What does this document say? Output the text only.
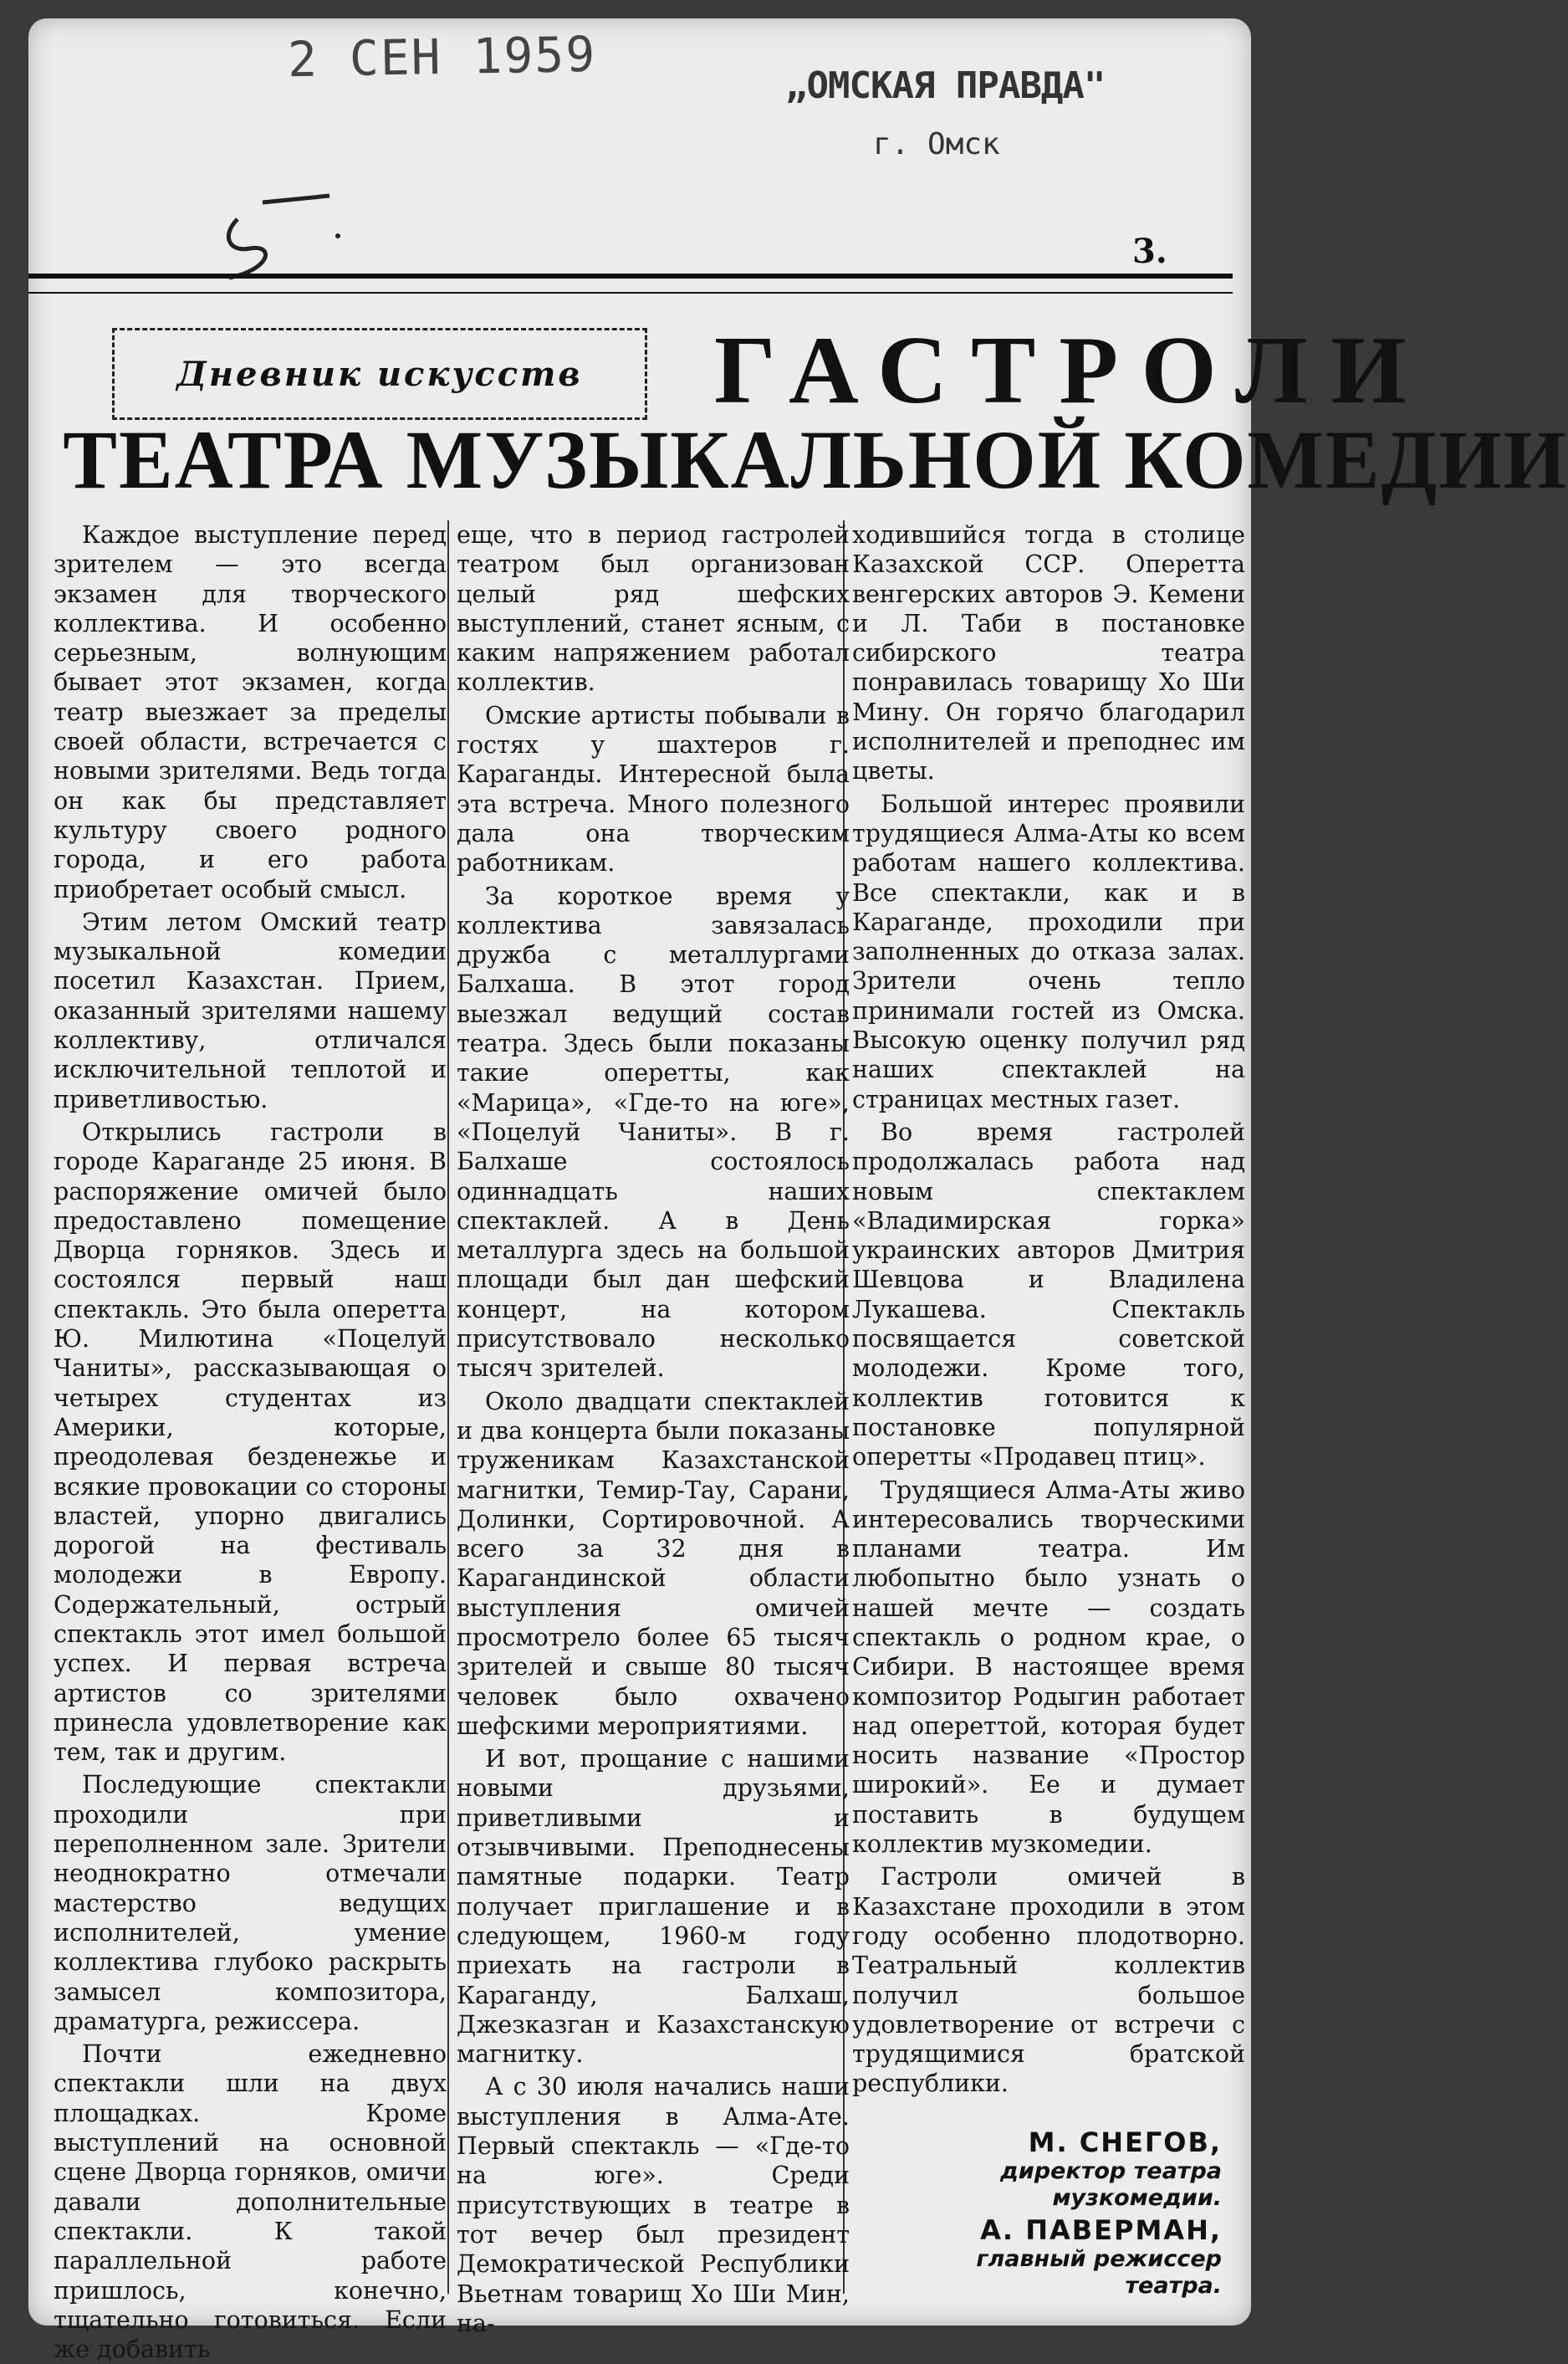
2 СЕН 1959	„ОМСКАЯ ПРАВДА"
г. Омск
3.
Дневник искусств ГАСТРОЛИ
ТЕАТРА МУЗЫКАЛЬНОЙ КОМЕДИИ

Каждое выступление перед зрителем — это всегда экзамен для творческого коллектива. И особенно серьезным, волнующим бывает этот экзамен, когда театр выезжает за пределы своей области, встречается с новыми зрителями. Ведь тогда он как бы представляет культуру своего родного города, и его работа приобретает особый смысл.

Этим летом Омский театр музыкальной комедии посетил Казахстан. Прием, оказанный зрителями нашему коллективу, отличался исключительной теплотой и приветливостью.

Открылись гастроли в городе Караганде 25 июня. В распоряжение омичей было предоставлено помещение Дворца горняков. Здесь и состоялся первый наш спектакль. Это была оперетта Ю. Милютина «Поцелуй Чаниты», рассказывающая о четырех студентах из Америки, которые, преодолевая безденежье и всякие провокации со стороны властей, упорно двигались дорогой на фестиваль молодежи в Европу. Содержательный, острый спектакль этот имел большой успех. И первая встреча артистов со зрителями принесла удовлетворение как тем, так и другим.

Последующие спектакли проходили при переполненном зале. Зрители неоднократно отмечали мастерство ведущих исполнителей, умение коллектива глубоко раскрыть замысел композитора, драматурга, режиссера.

Почти ежедневно спектакли шли на двух площадках. Кроме выступлений на основной сцене Дворца горняков, омичи давали дополнительные спектакли. К такой параллельной работе пришлось, конечно, тщательно готовиться. Если же добавить

еще, что в период гастролей театром был организован целый ряд шефских выступлений, станет ясным, с каким напряжением работал коллектив.

Омские артисты побывали в гостях у шахтеров г. Караганды. Интересной была эта встреча. Много полезного дала она творческим работникам.

За короткое время у коллектива завязалась дружба с металлургами Балхаша. В этот город выезжал ведущий состав театра. Здесь были показаны такие оперетты, как «Марица», «Где-то на юге», «Поцелуй Чаниты». В г. Балхаше состоялось одиннадцать наших спектаклей. А в День металлурга здесь на большой площади был дан шефский концерт, на котором присутствовало несколько тысяч зрителей.

Около двадцати спектаклей и два концерта были показаны труженикам Казахстанской магнитки, Темир-Тау, Сарани, Долинки, Сортировочной. А всего за 32 дня в Карагандинской области выступления омичей просмотрело более 65 тысяч зрителей и свыше 80 тысяч человек было охвачено шефскими мероприятиями.

И вот, прощание с нашими новыми друзьями, приветливыми и отзывчивыми. Преподнесены памятные подарки. Театр получает приглашение и в следующем, 1960-м году приехать на гастроли в Караганду, Балхаш, Джезказган и Казахстанскую магнитку.

А с 30 июля начались наши выступления в Алма-Ате. Первый спектакль — «Где-то на юге». Среди присутствующих в театре в тот вечер был президент Демократической Республики Вьетнам товарищ Хо Ши Мин, на-

ходившийся тогда в столице Казахской ССР. Оперетта венгерских авторов Э. Кемени и Л. Таби в постановке сибирского театра понравилась товарищу Хо Ши Мину. Он горячо благодарил исполнителей и преподнес им цветы.

Большой интерес проявили трудящиеся Алма-Аты ко всем работам нашего коллектива. Все спектакли, как и в Караганде, проходили при заполненных до отказа залах. Зрители очень тепло принимали гостей из Омска. Высокую оценку получил ряд наших спектаклей на страницах местных газет.

Во время гастролей продолжалась работа над новым спектаклем «Владимирская горка» украинских авторов Дмитрия Шевцова и Владилена Лукашева. Спектакль посвящается советской молодежи. Кроме того, коллектив готовится к постановке популярной оперетты «Продавец птиц».

Трудящиеся Алма-Аты живо интересовались творческими планами театра. Им любопытно было узнать о нашей мечте — создать спектакль о родном крае, о Сибири. В настоящее время композитор Родыгин работает над опереттой, которая будет носить название «Простор широкий». Ее и думает поставить в будущем коллектив музкомедии.

Гастроли омичей в Казахстане проходили в этом году особенно плодотворно. Театральный коллектив получил большое удовлетворение от встречи с трудящимися братской республики.

М. СНЕГОВ,
директор театра
музкомедии.
А. ПАВЕРМАН,
главный режиссер
театра.
